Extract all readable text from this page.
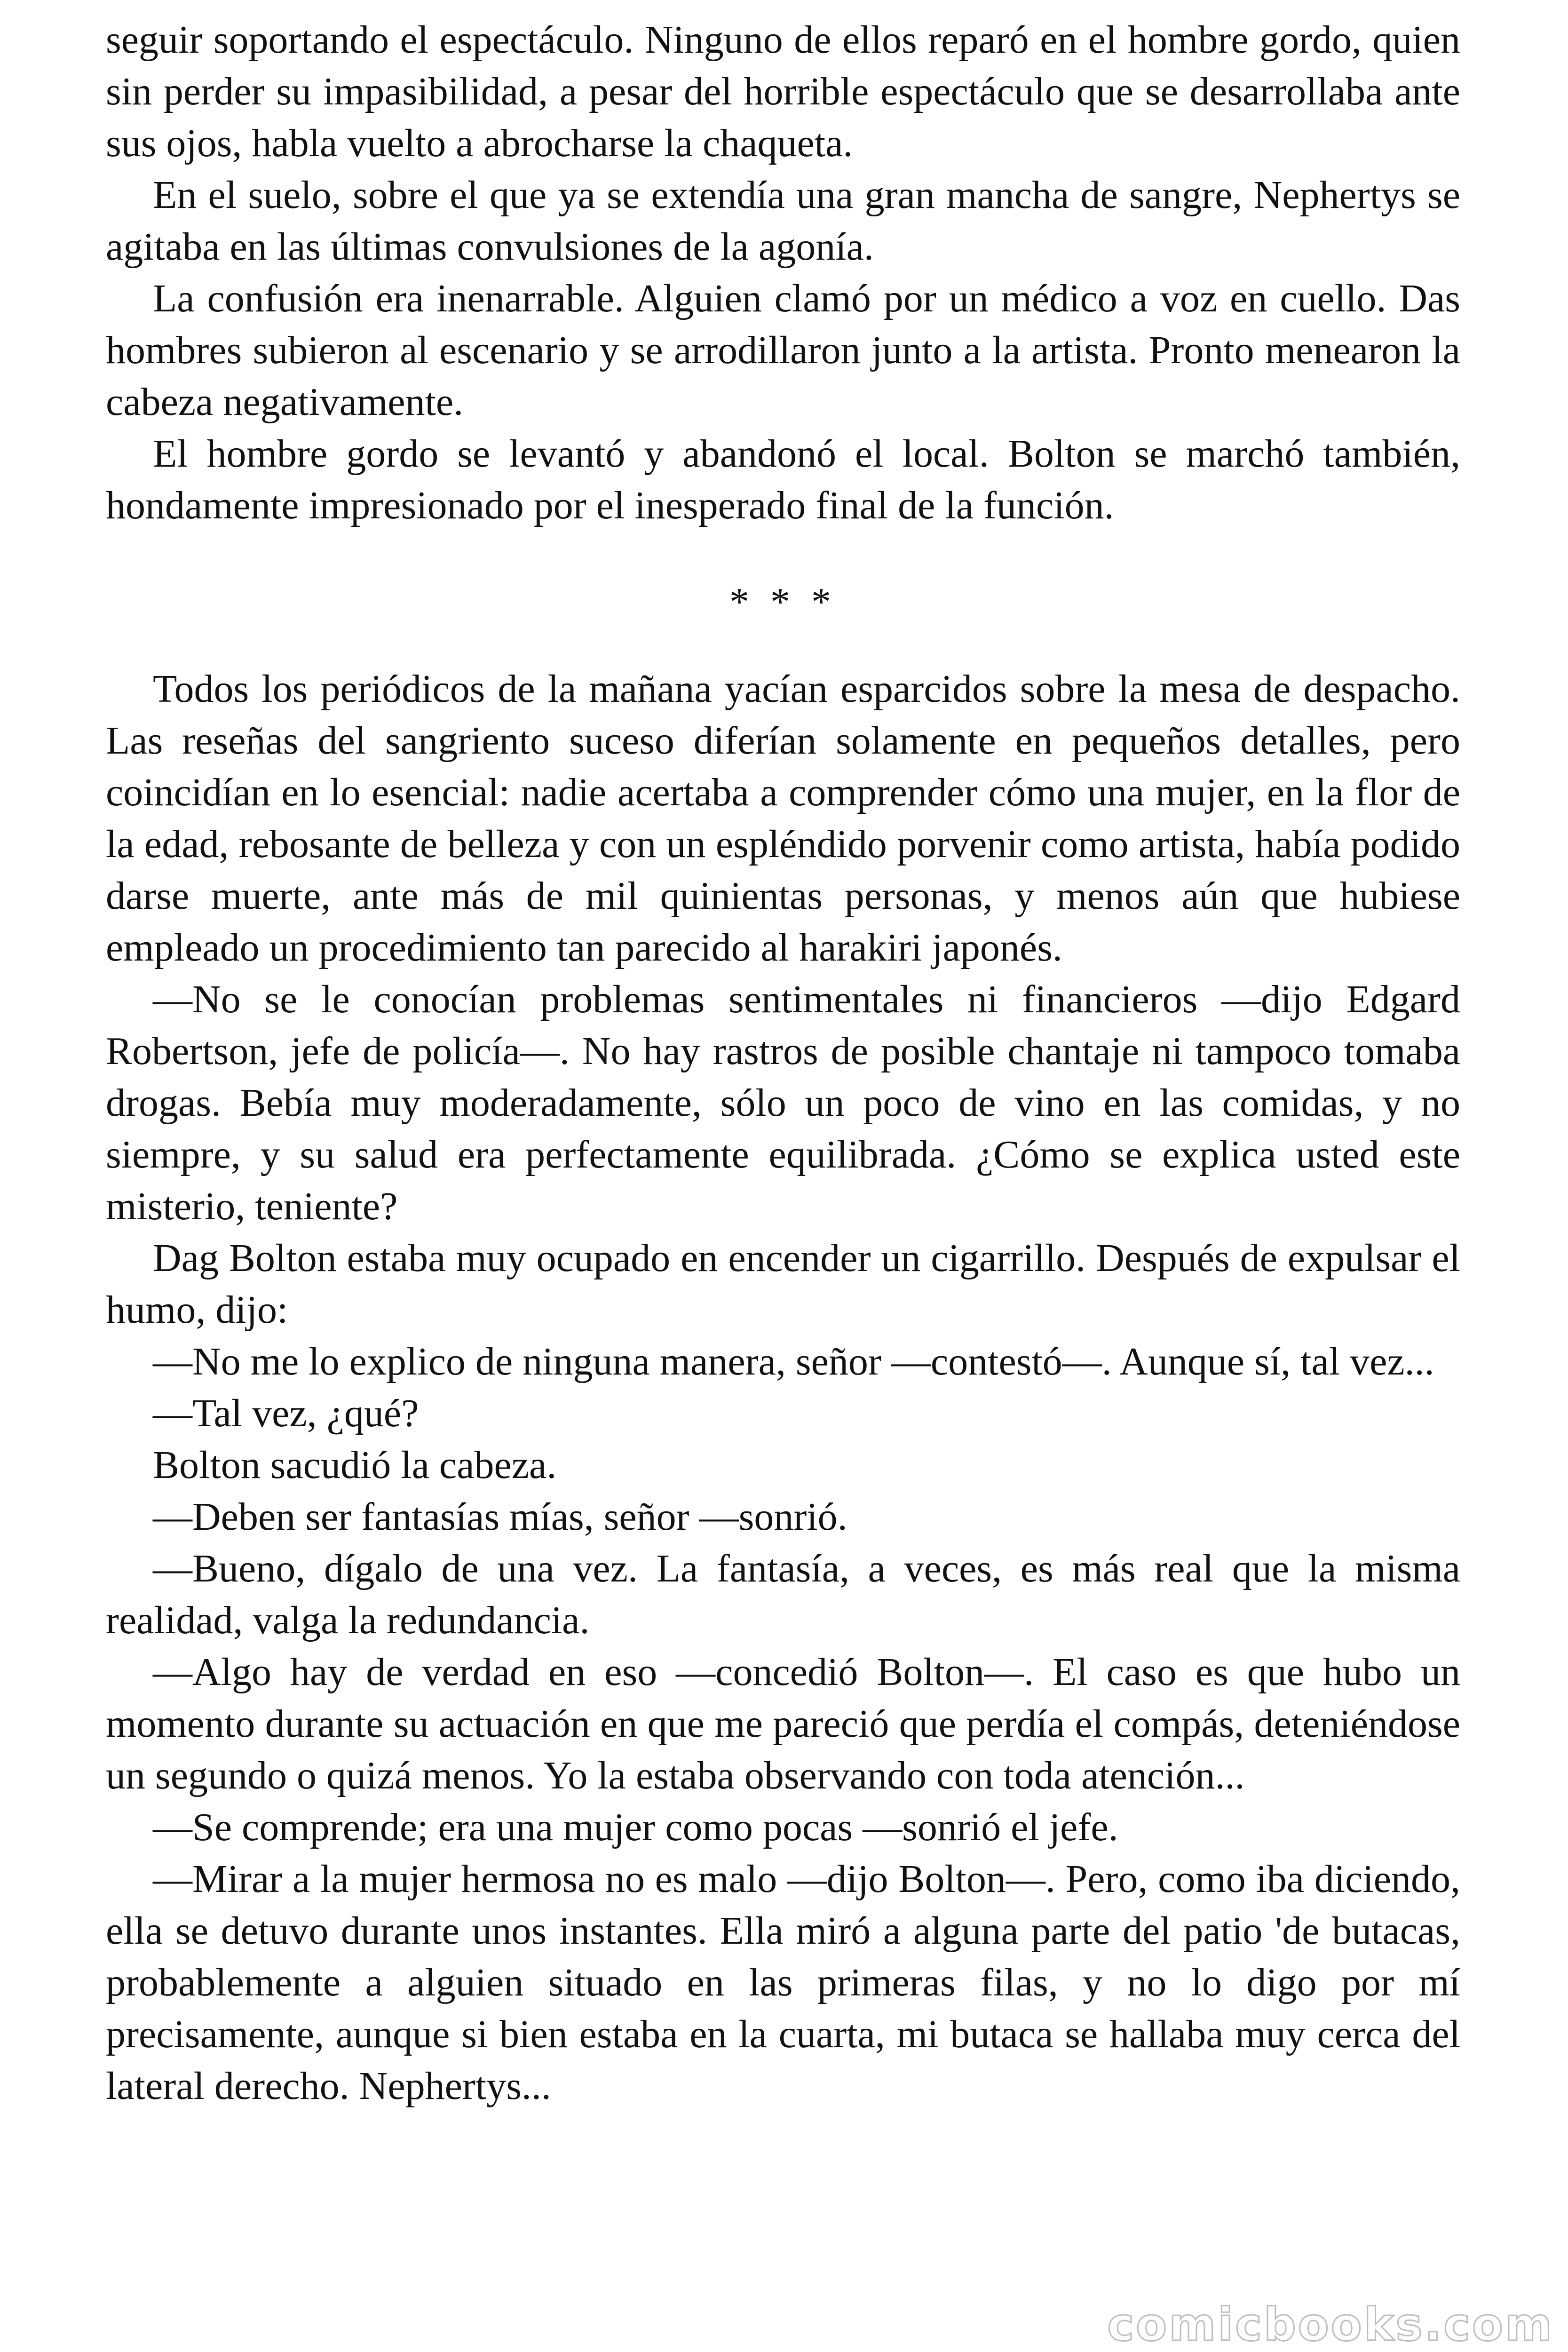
seguir soportando el espectáculo. Ninguno de ellos reparó en el hombre gordo, quien sin perder su impasibilidad, a pesar del horrible espectáculo que se desarrollaba ante sus ojos, habla vuelto a abrocharse la chaqueta.

En el suelo, sobre el que ya se extendía una gran mancha de sangre, Nephertys se agitaba en las últimas convulsiones de la agonía.

La confusión era inenarrable. Alguien clamó por un médico a voz en cuello. Das hombres subieron al escenario y se arrodillaron junto a la artista. Pronto menearon la cabeza negativamente.

El hombre gordo se levantó y abandonó el local. Bolton se marchó también, hondamente impresionado por el inesperado final de la función.

* * *

Todos los periódicos de la mañana yacían esparcidos sobre la mesa de despacho. Las reseñas del sangriento suceso diferían solamente en pequeños detalles, pero coincidían en lo esencial: nadie acertaba a comprender cómo una mujer, en la flor de la edad, rebosante de belleza y con un espléndido porvenir como artista, había podido darse muerte, ante más de mil quinientas personas, y menos aún que hubiese empleado un procedimiento tan parecido al harakiri japonés.

—No se le conocían problemas sentimentales ni financieros —dijo Edgard Robertson, jefe de policía—. No hay rastros de posible chantaje ni tampoco tomaba drogas. Bebía muy moderadamente, sólo un poco de vino en las comidas, y no siempre, y su salud era perfectamente equilibrada. ¿Cómo se explica usted este misterio, teniente?

Dag Bolton estaba muy ocupado en encender un cigarrillo. Después de expulsar el humo, dijo:

—No me lo explico de ninguna manera, señor —contestó—. Aunque sí, tal vez...

—Tal vez, ¿qué?

Bolton sacudió la cabeza.

—Deben ser fantasías mías, señor —sonrió.

—Bueno, dígalo de una vez. La fantasía, a veces, es más real que la misma realidad, valga la redundancia.

—Algo hay de verdad en eso —concedió Bolton—. El caso es que hubo un momento durante su actuación en que me pareció que perdía el compás, deteniéndose un segundo o quizá menos. Yo la estaba observando con toda atención...

—Se comprende; era una mujer como pocas —sonrió el jefe.

—Mirar a la mujer hermosa no es malo —dijo Bolton—. Pero, como iba diciendo, ella se detuvo durante unos instantes. Ella miró a alguna parte del patio 'de butacas, probablemente a alguien situado en las primeras filas, y no lo digo por mí precisamente, aunque si bien estaba en la cuarta, mi butaca se hallaba muy cerca del lateral derecho. Nephertys...

comicbooks.com
